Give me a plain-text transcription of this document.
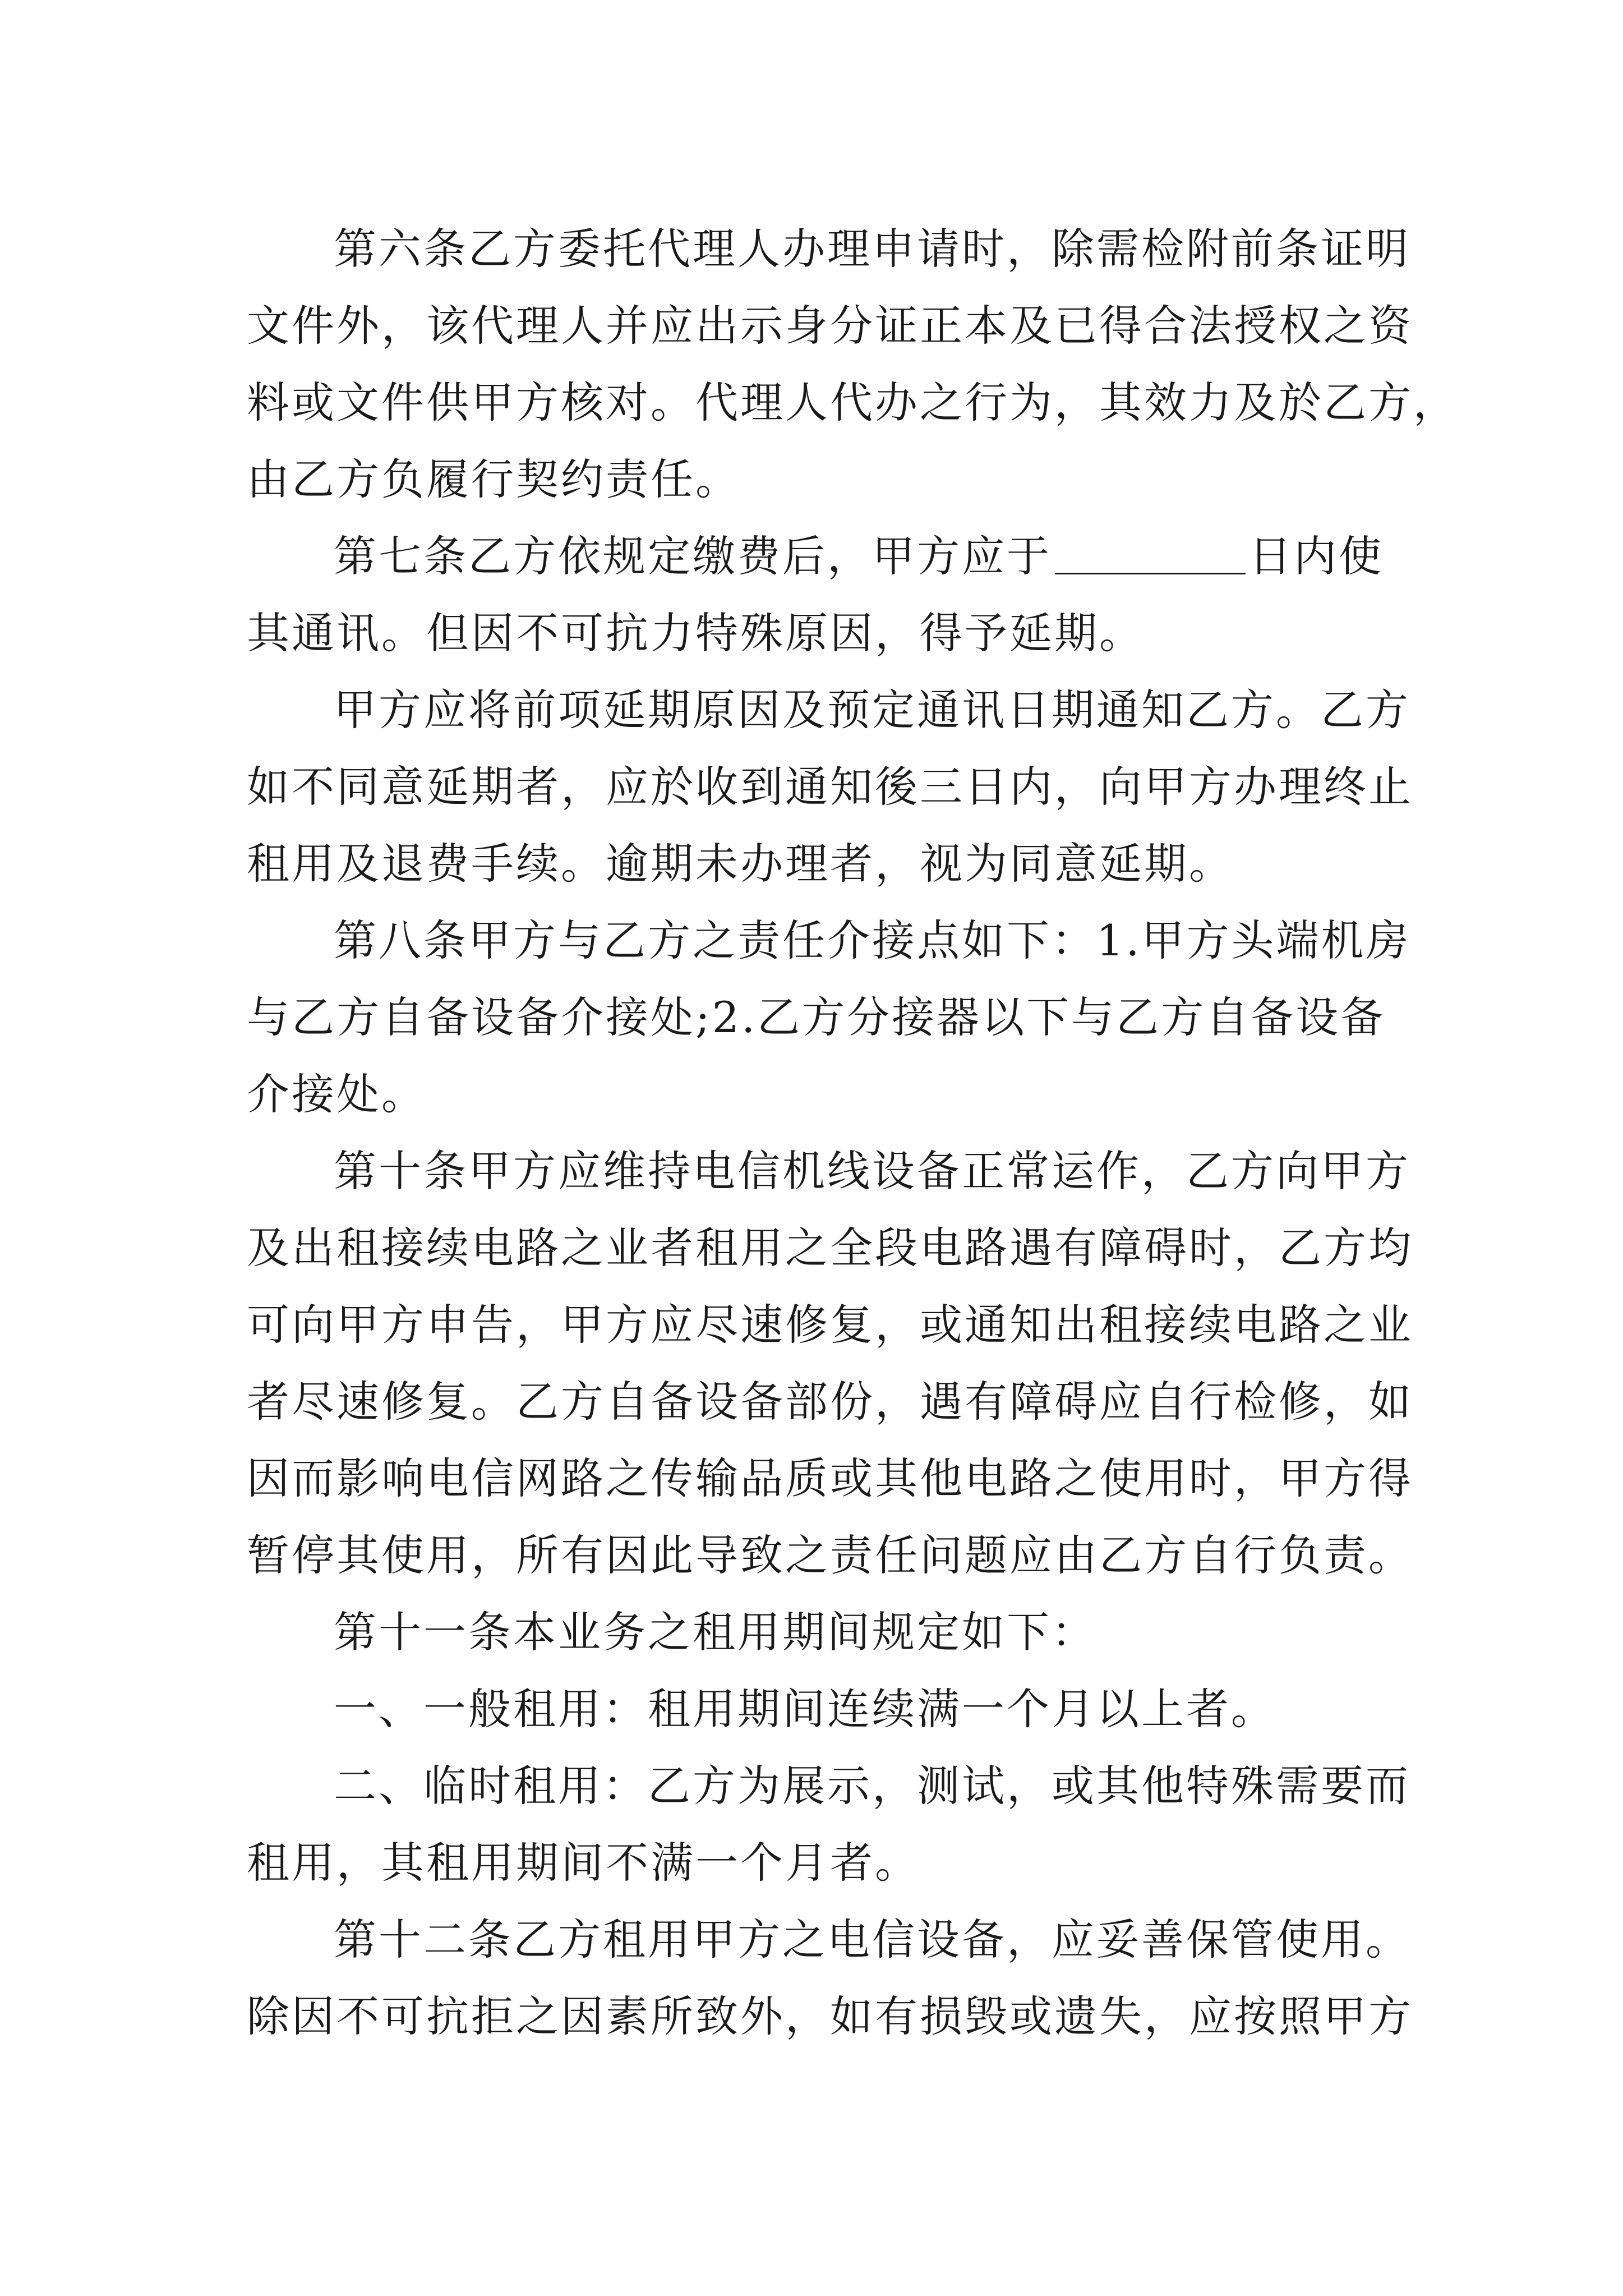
第六条乙方委托代理人办理申请时，除需检附前条证明
文件外，该代理人并应出示身分证正本及已得合法授权之资
料或文件供甲方核对。代理人代办之行为，其效力及於乙方，
由乙方负履行契约责任。
第七条乙方依规定缴费后，甲方应于	日内使
其通讯。但因不可抗力特殊原因，得予延期。
甲方应将前项延期原因及预定通讯日期通知乙方。乙方
如不同意延期者，应於收到通知後三日内，向甲方办理终止
租用及退费手续。逾期未办理者，视为同意延期。
第八条甲方与乙方之责任介接点如下：1.甲方头端机房
与乙方自备设备介接处;2.乙方分接器以下与乙方自备设备
介接处。
第十条甲方应维持电信机线设备正常运作，乙方向甲方
及出租接续电路之业者租用之全段电路遇有障碍时，乙方均
可向甲方申告，甲方应尽速修复，或通知出租接续电路之业
者尽速修复。乙方自备设备部份，遇有障碍应自行检修，如
因而影响电信网路之传输品质或其他电路之使用时，甲方得
暂停其使用，所有因此导致之责任问题应由乙方自行负责。
第十一条本业务之租用期间规定如下：
一、一般租用：租用期间连续满一个月以上者。
二、临时租用：乙方为展示，测试，或其他特殊需要而
租用，其租用期间不满一个月者。
第十二条乙方租用甲方之电信设备，应妥善保管使用。
除因不可抗拒之因素所致外，如有损毁或遗失，应按照甲方
